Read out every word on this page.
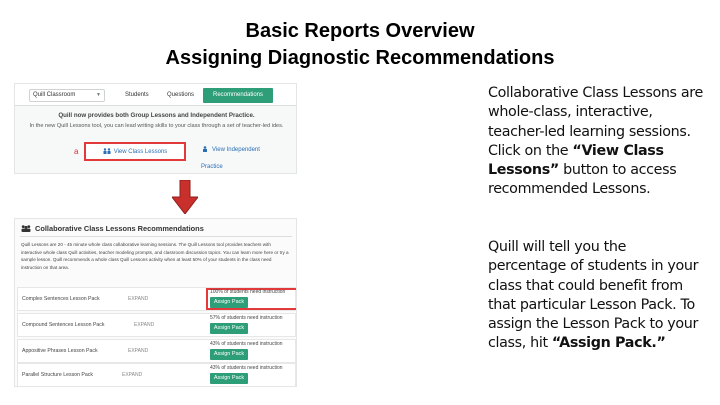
Basic Reports Overview
Assigning Diagnostic Recommendations
Quill Classroom	▼	Students	Questions	Recommendations
Quill now provides both Group Lessons and Independent Practice.
In the new Quill Lessons tool, you can lead writing skills to your class through a set of teacher-led ides.
a	View Class Lessons	View Independent Practice
Collaborative Class Lessons Recommendations
Quill Lessons are 20 - 45 minute whole class collaborative learning sessions. The Quill Lessons tool provides teachers with interactive whole class Quill activities, teacher modeling prompts, and classroom discussion topics. You can learn more here or try a sample lesson. Quill recommends a whole class Quill Lessons activity when at least 50% of your students in the class need instruction on that area.
Complex Sentences Lesson Pack	EXPAND
100% of students need instruction
Assign Pack
Compound Sentences Lesson Pack	EXPAND
57% of students need instruction
Assign Pack
Appositive Phrases Lesson Pack	EXPAND
43% of students need instruction
Assign Pack
Parallel Structure Lesson Pack	EXPAND
43% of students need instruction
Assign Pack
Collaborative Class Lessons are whole-class, interactive, teacher-led learning sessions. Click on the “View Class Lessons” button to access recommended Lessons.
Quill will tell you the percentage of students in your class that could benefit from that particular Lesson Pack. To assign the Lesson Pack to your class, hit “Assign Pack.”
